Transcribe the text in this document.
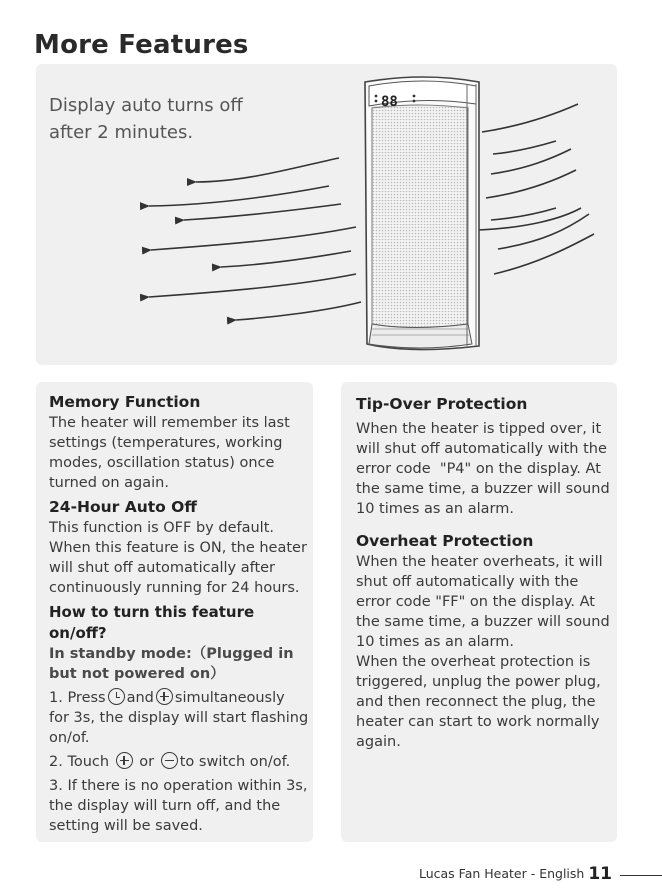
More Features
88
Display auto turns off
after 2 minutes.
Memory Function
The heater will remember its last settings (temperatures, working modes, oscillation status) once turned on again.
24-Hour Auto Off
This function is OFF by default. When this feature is ON, the heater will shut off automatically after continuously running for 24 hours.
How to turn this feature on/off?
In standby mode:（Plugged in
but not powered on）
1. Press and simultaneously for 3s, the display will start flashing on/of.
2. Touch or to switch on/of.
3. If there is no operation within 3s, the display will turn off, and the setting will be saved.
Tip-Over Protection
When the heater is tipped over, it will shut off automatically with the error code  "P4" on the display. At the same time, a buzzer will sound 10 times as an alarm.
Overheat Protection
When the heater overheats, it will shut off automatically with the error code "FF" on the display. At the same time, a buzzer will sound 10 times as an alarm.
When the overheat protection is triggered, unplug the power plug, and then reconnect the plug, the heater can start to work normally again.
Lucas Fan Heater - English 11
